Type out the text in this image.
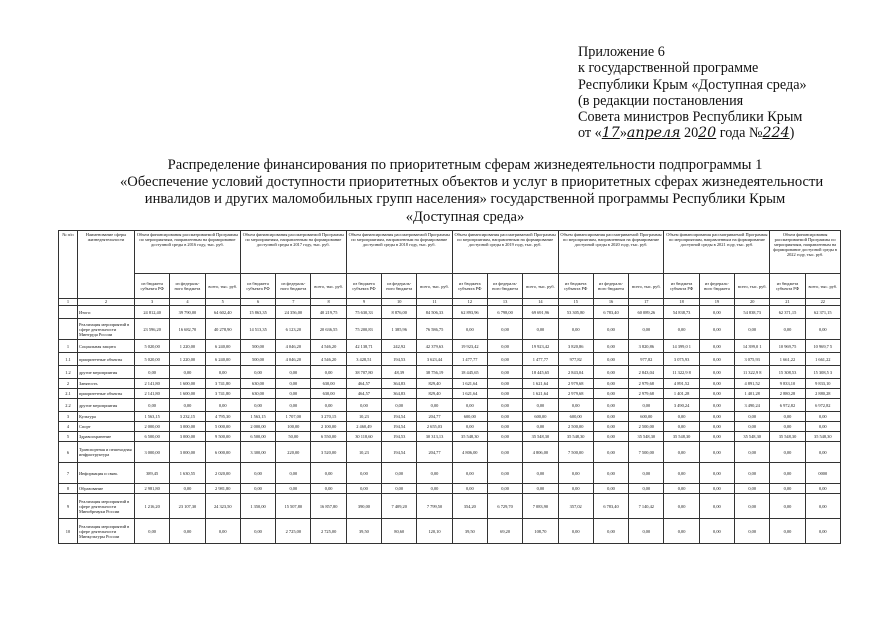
Приложение 6
к государственной программе
Республики Крым «Доступная среда»
(в редакции постановления
Совета министров Республики Крым
от «17»апреля 2020 года №224)
Распределение финансирования по приоритетным сферам жизнедеятельности подпрограммы 1
«Обеспечение условий доступности приоритетных объектов и услуг в приоритетных сферах жизнедеятельности
инвалидов и других маломобильных групп населения» государственной программы Республики Крым
«Доступная среда»
№ п/п	Наименование сферы жизнедеятельности	Объем финансирования рассматриваемой Программы по мероприятиям, направленным на формирование доступной среды в 2016 году, тыс. руб.			Объем финансирования рассматриваемой Программы по мероприятиям, направленным на формирование доступной среды в 2017 году, тыс. руб.			Объем финансирования рассматриваемой Программы по мероприятиям, направленным на формирование доступной среды в 2018 году, тыс. руб.			Объем финансирования рассматриваемой Программы по мероприятиям, направленным на формирование доступной среды в 2019 году, тыс. руб.			Объем финансирования рассматриваемой Программы по мероприятиям, направленным на формирование доступной среды в 2020 году, тыс. руб.			Объем финансирования рассматриваемой Программы по мероприятиям, направленным на формирование доступной среды в 2021 году, тыс. руб.			Объем финансирования рассматриваемой Программы по мероприятиям, направленным на формирование доступной среды в 2022 году, тыс. руб.	
		из бюджета субъекта РФ	из федераль-ного бюджета	всего, тыс. руб.	из бюджета субъекта РФ	из федераль-ного бюджета	всего, тыс. руб.	из бюджета субъекта РФ	из федераль-ного бюджета	всего, тыс. руб.	из бюджета субъекта РФ	из федераль-ного бюджета	всего, тыс. руб.	из бюджета субъекта РФ	из федераль-ного бюджета	всего, тыс. руб.	из бюджета субъекта РФ	из федераль-ного бюджета	всего, тыс. руб.	из бюджета субъекта РФ	всего, тыс. руб.
1	2	3	4	5	6	7	8	9	10	11	12	13	14	15	16	17	18	19	20	21	22
	Итого:	24 812,40	39 790,00	64 602,40	15 863,35	24 356,00	40 219,75	75 630,33	8 876,00	84 506,33	62 893,96	6 798,00	69 691,96	53 305,80	6 783,40	60 089,26	54 838,73	0,00	54 838,73	62 371,15	62 371,15
	Реализация мероприятий в сфере деятельности Минтруда России	23 596,20	16 682,70	40 278,90	14 513,35	6 123,20	20 636,55	75 200,83	1 385,96	76 586,75	0,00	0,00	0,00	0,00	0,00	0,00	0,00	0,00	0,00	0,00	0,00
1	Социальная защита	5 020,00	1 220,00	6 240,00	500,00	4 046,20	4 546,20	42 138,71	242,92	42 379,63	19 923,42	0,00	19 923,42	3 820,86	0,00	3 820,86	14 399,0 1	0,00	14 399,0 1	10 969,75	10 969,7 5
1.1	приоритетные объекты	5 020,00	1 220,00	6 240,00	500,00	4 046,20	4 546,20	3 428,51	194,53	3 623,44	1 477,77	0,00	1 477,77	977,82	0,00	977,82	3 075,93	0,00	3 075,93	1 661,22	1 661,22
1.2	другие мероприятия	0,00	0,00	0,00	0,00	0,00	0,00	38 707,80	48,39	38 756,19	18 445,65	0,00	18 445,65	2 843,04	0,00	2 843,04	11 322,9 8	0,00	11 322,9 8	15 308,53	15 308,5 3
2	Занятость	2 141,80	1 600,00	3 741,80	630,00	0,00	630,00	464,57	364,83	829,40	1 621,64	0,00	1 621,64	2 979,68	0,00	2 979,68	4 891,52	0,00	4 891,52	9 833,10	9 833,10
2.1	приоритетные объекты	2 141,80	1 600,00	3 741,80	630,00	0,00	630,00	464,57	364,83	829,40	1 621,64	0,00	1 621,64	2 979,68	0,00	2 979,68	1 401,28	0,00	1 401,28	2 880,28	2 880,28
2.2	другие мероприятия	0,00	0,00	0,00	0,00	0,00	0,00	0,00	0,00	0,00	0,00	0,00	0,00	0,00	0,00	0,00	3 490,24	0,00	3 490,24	6 972,82	6 972,82
3	Культура	1 563,15	3 232,15	4 795,30	1 563,15	1 707,00	3 270,15	10,23	194,54	204,77	600,00	0,00	600,00	600,00	0,00	600,00	0,00	0,00	0,00	0,00	0,00
4	Спорт	2 000,00	3 000,00	5 000,00	2 000,00	100,00	2 100,00	2 460,49	194,54	2 655,03	0,00	0,00	0,00	2 500,00	0,00	2 500,00	0,00	0,00	0,00	0,00	0,00
5	Здравоохранение	6 500,00	3 000,00	9 500,00	6 500,00	50,00	6 550,00	30 118,60	194,53	30 313,13	35 548,30	0,00	35 548,30	35 548,30	0,00	35 548,30	35 548,30	0,00	35 548,30	35 548,30	35 548,30
6	Транспортная и пешеходная инфраструктура	3 000,00	3 000,00	6 000,00	3 300,00	220,00	3 520,00	10,23	194,54	204,77	4 806,00	0,00	4 806,00	7 500,00	0,00	7 500,00	0,00	0,00	0,00	0,00	0,00
7	Информация и связь	389,45	1 630,55	2 020,00	0,00	0,00	0,00	0,00	0,00	0,00	0,00	0,00	0,00	0,00	0,00	0,00	0,00	0,00	0,00	0,00	0000
8	Образование	2 981,80	0,00	2 981,80	0,00	0,00	0,00	0,00	0,00	0,00	0,00	0,00	0,00	0,00	0,00	0,00	0,00	0,00	0,00	0,00	0,00
9	Реализация мероприятий в сфере деятельности Минобрнауки России	1 216,20	23 107,30	24 323,50	1 350,00	15 507,80	16 857,80	390,00	7 409,20	7 799,50	354,20	6 729,70	7 083,90	357,02	6 783,40	7 140,42	0,00	0,00	0,00	0,00	0,00
10	Реализация мероприятий в сфере деятельности Минкультуры России	0,00	0,00	0,00	0,00	2 725,00	2 725,00	39,50	80,60	120,10	39,50	69,20	108,70	0,00	0,00	0,00	0,00	0,00	0,00	0,00	0,00
